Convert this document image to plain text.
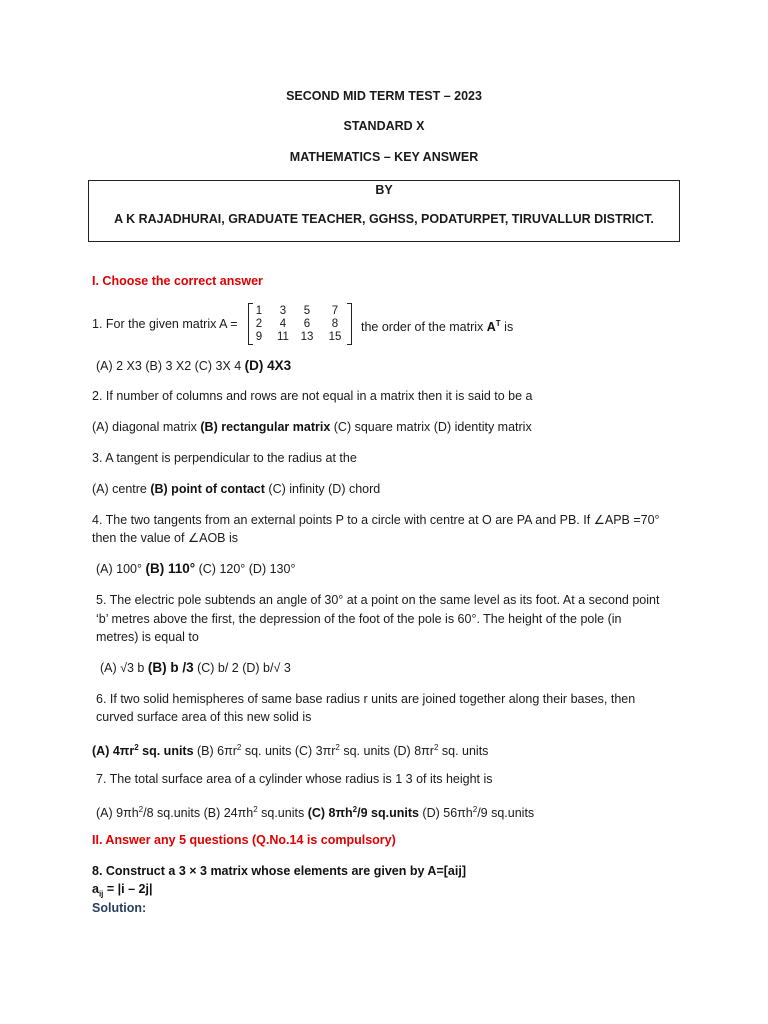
SECOND MID TERM TEST – 2023
STANDARD X
MATHEMATICS – KEY ANSWER
BY
A K RAJADHURAI, GRADUATE TEACHER, GGHSS, PODATURPET, TIRUVALLUR DISTRICT.
I. Choose the correct answer
1. For the given matrix A =
1	3	5	7
2	4	6	8
9	11	13	15
the order of the matrix $A^T$ is
(A) 2 X3 (B) 3 X2 (C) 3X 4 (D) 4X3
2. If number of columns and rows are not equal in a matrix then it is said to be a
(A) diagonal matrix (B) rectangular matrix (C) square matrix (D) identity matrix
3. A tangent is perpendicular to the radius at the
(A) centre (B) point of contact (C) infinity (D) chord
4. The two tangents from an external points P to a circle with centre at O are PA and PB. If ∠APB =70°
then the value of ∠AOB is
(A) 100° (B) 110° (C) 120° (D) 130°
5. The electric pole subtends an angle of 30° at a point on the same level as its foot. At a second point
‘b’ metres above the first, the depression of the foot of the pole is 60°. The height of the pole (in
metres) is equal to
(A) √3 b (B) b /3 (C) b/ 2 (D) b/√ 3
6. If two solid hemispheres of same base radius r units are joined together along their bases, then
curved surface area of this new solid is
(A) $4\pi r^2$ sq. units (B) $6\pi r^2$ sq. units (C) $3\pi r^2$ sq. units (D) $8\pi r^2$ sq. units
7. The total surface area of a cylinder whose radius is 1 3 of its height is
(A) $9\pi h^2/8$ sq.units (B) $24\pi h^2$ sq.units (C) $8\pi h^2/9$ sq.units (D) $56\pi h^2/9$ sq.units
II. Answer any 5 questions (Q.No.14 is compulsory)
8. Construct a 3 × 3 matrix whose elements are given by A=[aij]
$a_{ij} = |i - 2j|$
Solution:
